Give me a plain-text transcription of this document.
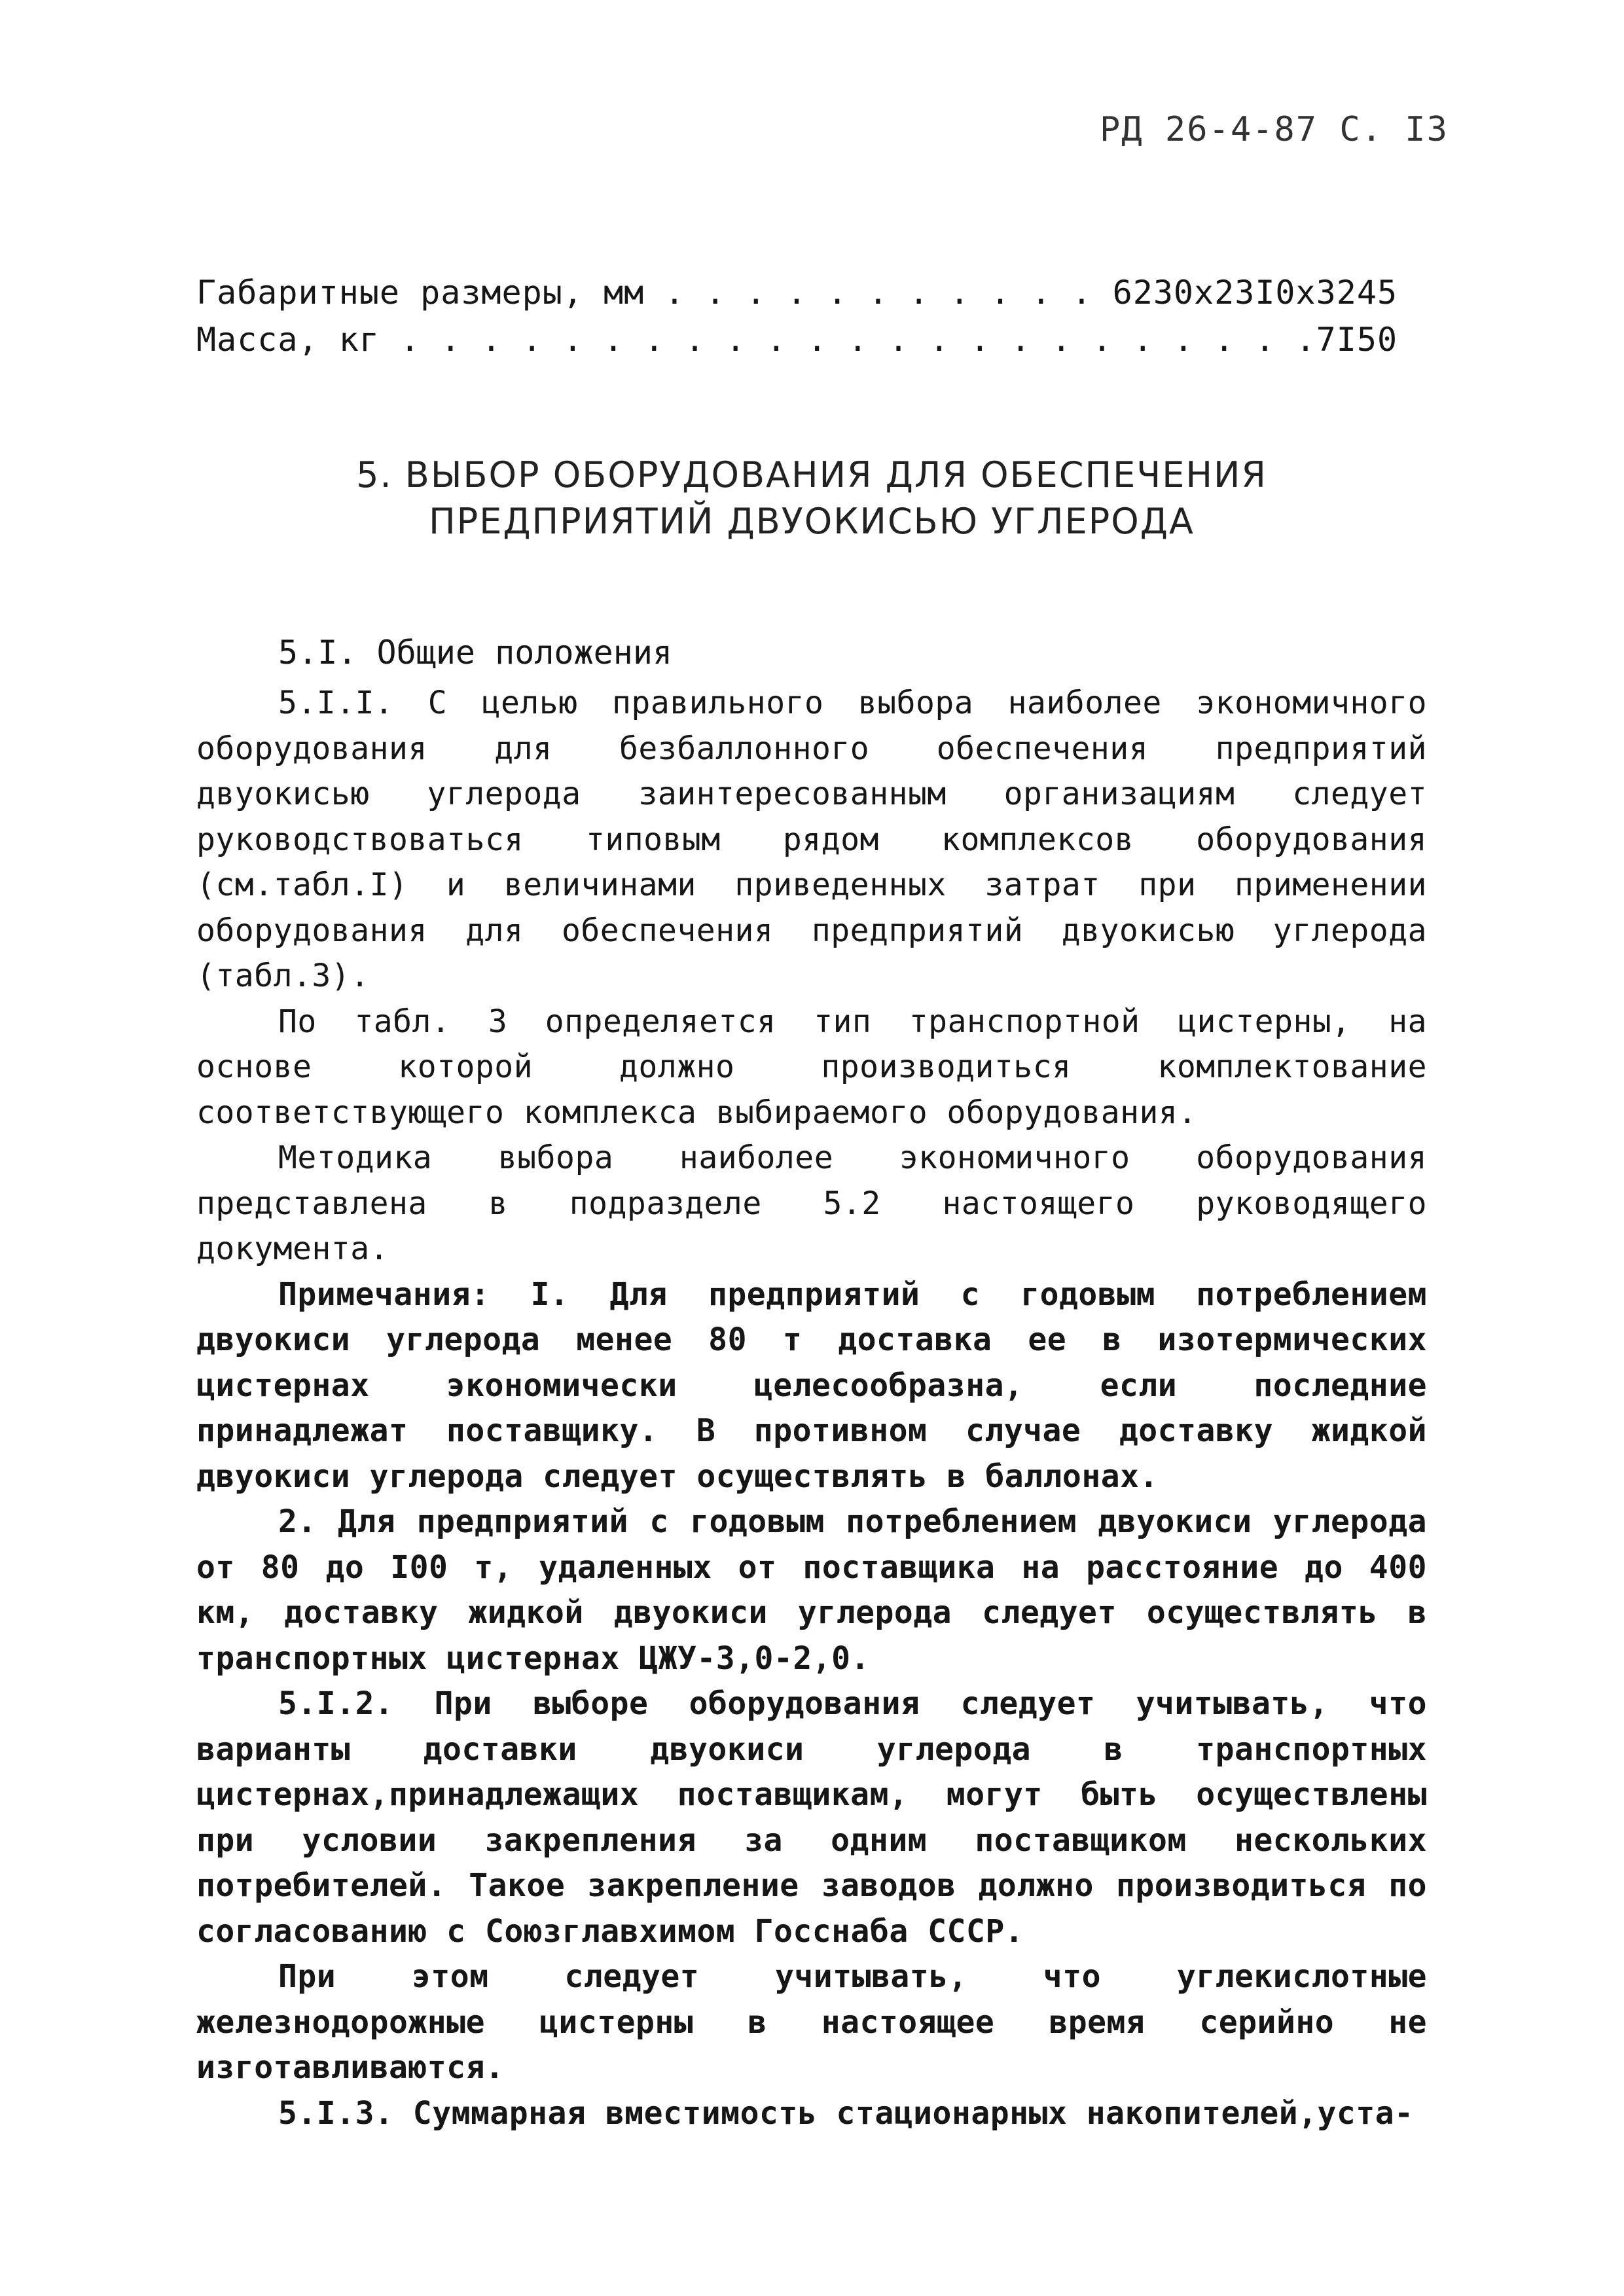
РД 26-4-87 С. I3
Габаритные размеры, мм . . . . . . . . . . . 6230x23I0x3245
Масса, кг . . . . . . . . . . . . . . . . . . . . . . .7I50
5. ВЫБОР ОБОРУДОВАНИЯ ДЛЯ ОБЕСПЕЧЕНИЯ
ПРЕДПРИЯТИЙ ДВУОКИСЬЮ УГЛЕРОДА
5.I. Общие положения

5.I.I. С целью правильного выбора наиболее экономичного оборудования для безбаллонного обеспечения предприятий двуокисью углерода заинтересованным организациям следует руководствоваться типовым рядом комплексов оборудования (см.табл.I) и величинами приведенных затрат при применении оборудования для обеспечения предприятий двуокисью углерода (табл.3).

По табл. 3 определяется тип транспортной цистерны, на основе которой должно производиться комплектование соответствующего комплекса выбираемого оборудования.

Методика выбора наиболее экономичного оборудования представлена в подразделе 5.2 настоящего руководящего документа.

Примечания: I. Для предприятий с годовым потреблением двуокиси углерода менее 80 т доставка ее в изотермических цистернах экономически целесообразна, если последние принадлежат поставщику. В противном случае доставку жидкой двуокиси углерода следует осуществлять в баллонах.

2. Для предприятий с годовым потреблением двуокиси углерода от 80 до I00 т, удаленных от поставщика на расстояние до 400 км, доставку жидкой двуокиси углерода следует осуществлять в транспортных цистернах ЦЖУ-3,0-2,0.

5.I.2. При выборе оборудования следует учитывать, что варианты доставки двуокиси углерода в транспортных цистернах,принадлежащих поставщикам, могут быть осуществлены при условии закрепления за одним поставщиком нескольких потребителей. Такое закрепление заводов должно производиться по согласованию с Союзглавхимом Госснаба СССР.

При этом следует учитывать, что углекислотные железнодорожные цистерны в настоящее время серийно не изготавливаются.

5.I.3. Суммарная вместимость стационарных накопителей,уста-
